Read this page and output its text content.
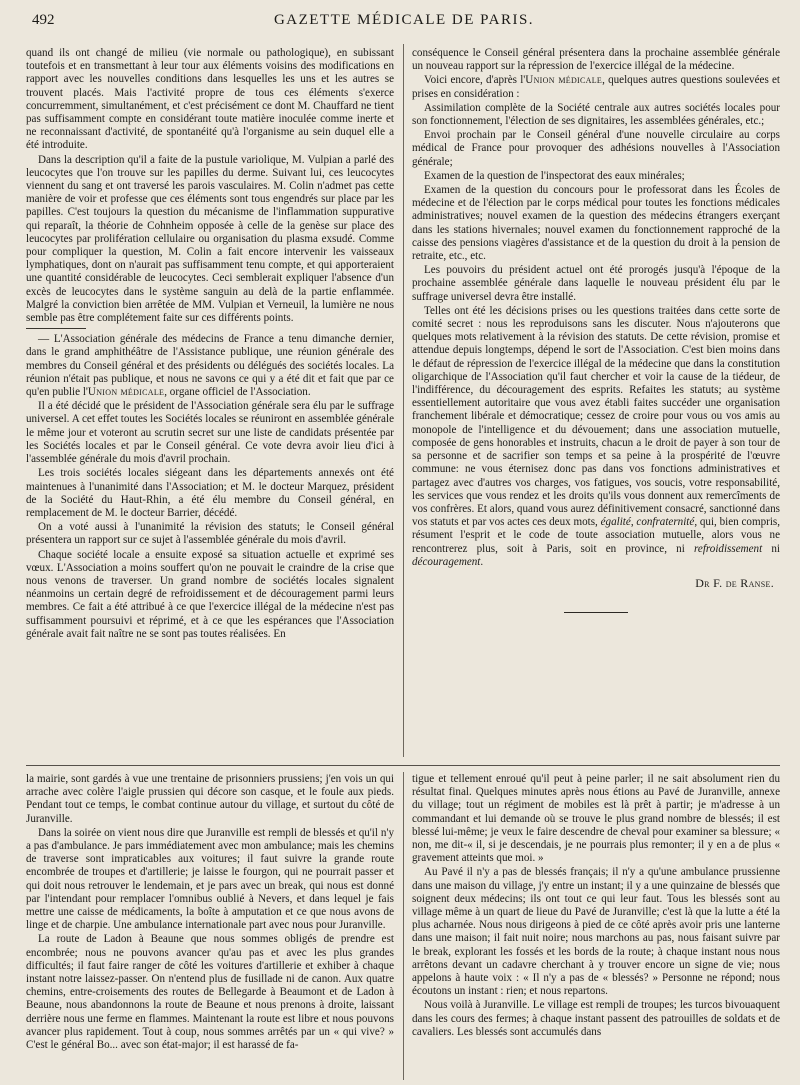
492	GAZETTE MÉDICALE DE PARIS.

quand ils ont changé de milieu (vie normale ou pathologique), en subissant toutefois et en transmettant à leur tour aux éléments voisins des modifications en rapport avec les nouvelles conditions dans lesquelles les uns et les autres se trouvent placés. Mais l'activité propre de tous ces éléments s'exerce concurremment, simultanément, et c'est précisément ce dont M. Chauffard ne tient pas suffisamment compte en considérant toute matière inoculée comme inerte et ne reconnaissant d'activité, de spontanéité qu'à l'organisme au sein duquel elle a été introduite.

Dans la description qu'il a faite de la pustule variolique, M. Vulpian a parlé des leucocytes que l'on trouve sur les papilles du derme. Suivant lui, ces leucocytes viennent du sang et ont traversé les parois vasculaires. M. Colin n'admet pas cette manière de voir et professe que ces éléments sont tous engendrés sur place par les papilles. C'est toujours la question du mécanisme de l'inflammation suppurative qui reparaît, la théorie de Cohnheim opposée à celle de la genèse sur place des leucocytes par prolifération cellulaire ou organisation du plasma exsudé. Comme pour compliquer la question, M. Colin a fait encore intervenir les vaisseaux lymphatiques, dont on n'aurait pas suffisamment tenu compte, et qui apporteraient une quantité considérable de leucocytes. Ceci semblerait expliquer l'absence d'un excès de leucocytes dans le système sanguin au delà de la partie enflammée. Malgré la conviction bien arrêtée de MM. Vulpian et Verneuil, la lumière ne nous semble pas être complétement faite sur ces différents points.

— L'Association générale des médecins de France a tenu dimanche dernier, dans le grand amphithéâtre de l'Assistance publique, une réunion générale des membres du Conseil général et des présidents ou délégués des sociétés locales. La réunion n'était pas publique, et nous ne savons ce qui y a été dit et fait que par ce qu'en publie l'Union médicale, organe officiel de l'Association.

Il a été décidé que le président de l'Association générale sera élu par le suffrage universel. A cet effet toutes les Sociétés locales se réuniront en assemblée générale le même jour et voteront au scrutin secret sur une liste de candidats présentée par les Sociétés locales et par le Conseil général. Ce vote devra avoir lieu d'ici à l'assemblée générale du mois d'avril prochain.

Les trois sociétés locales siégeant dans les départements annexés ont été maintenues à l'unanimité dans l'Association; et M. le docteur Marquez, président de la Société du Haut-Rhin, a été élu membre du Conseil général, en remplacement de M. le docteur Barrier, décédé.

On a voté aussi à l'unanimité la révision des statuts; le Conseil général présentera un rapport sur ce sujet à l'assemblée générale du mois d'avril.

Chaque société locale a ensuite exposé sa situation actuelle et exprimé ses vœux. L'Association a moins souffert qu'on ne pouvait le craindre de la crise que nous venons de traverser. Un grand nombre de sociétés locales signalent néanmoins un certain degré de refroidissement et de découragement parmi leurs membres. Ce fait a été attribué à ce que l'exercice illégal de la médecine n'est pas suffisamment poursuivi et réprimé, et à ce que les espérances que l'Association générale avait fait naître ne se sont pas toutes réalisées. En

conséquence le Conseil général présentera dans la prochaine assemblée générale un nouveau rapport sur la répression de l'exercice illégal de la médecine.

Voici encore, d'après l'Union médicale, quelques autres questions soulevées et prises en considération :

Assimilation complète de la Société centrale aux autres sociétés locales pour son fonctionnement, l'élection de ses dignitaires, les assemblées générales, etc.;

Envoi prochain par le Conseil général d'une nouvelle circulaire au corps médical de France pour provoquer des adhésions nouvelles à l'Association générale;

Examen de la question de l'inspectorat des eaux minérales;

Examen de la question du concours pour le professorat dans les Écoles de médecine et de l'élection par le corps médical pour toutes les fonctions médicales administratives; nouvel examen de la question des médecins étrangers exerçant dans les stations hivernales; nouvel examen du fonctionnement rapproché de la caisse des pensions viagères d'assistance et de la question du droit à la pension de retraite, etc., etc.

Les pouvoirs du président actuel ont été prorogés jusqu'à l'époque de la prochaine assemblée générale dans laquelle le nouveau président élu par le suffrage universel devra être installé.

Telles ont été les décisions prises ou les questions traitées dans cette sorte de comité secret : nous les reproduisons sans les discuter. Nous n'ajouterons que quelques mots relativement à la révision des statuts. De cette révision, promise et attendue depuis longtemps, dépend le sort de l'Association. C'est bien moins dans le défaut de répression de l'exercice illégal de la médecine que dans la constitution oligarchique de l'Association qu'il faut chercher et voir la cause de la tiédeur, de l'indifférence, du découragement des esprits. Refaites les statuts; au système essentiellement autoritaire que vous avez établi faites succéder une organisation franchement libérale et démocratique; cessez de croire pour vous ou vos amis au monopole de l'intelligence et du dévouement; dans une association mutuelle, composée de gens honorables et instruits, chacun a le droit de payer à son tour de sa personne et de sacrifier son temps et sa peine à la prospérité de l'œuvre commune: ne vous éternisez donc pas dans vos fonctions administratives et partagez avec d'autres vos charges, vos fatigues, vos soucis, votre responsabilité, les services que vous rendez et les droits qu'ils vous donnent aux remercîments de vos confrères. Et alors, quand vous aurez définitivement consacré, sanctionné dans vos statuts et par vos actes ces deux mots, égalité, confraternité, qui, bien compris, résument l'esprit et le code de toute association mutuelle, alors vous ne rencontrerez plus, soit à Paris, soit en province, ni refroidissement ni découragement.

Dr F. de Ranse.

la mairie, sont gardés à vue une trentaine de prisonniers prussiens; j'en vois un qui arrache avec colère l'aigle prussien qui décore son casque, et le foule aux pieds. Pendant tout ce temps, le combat continue autour du village, et surtout du côté de Juranville.

Dans la soirée on vient nous dire que Juranville est rempli de blessés et qu'il n'y a pas d'ambulance. Je pars immédiatement avec mon ambulance; mais les chemins de traverse sont impraticables aux voitures; il faut suivre la grande route encombrée de troupes et d'artillerie; je laisse le fourgon, qui ne pourrait passer et qui doit nous retrouver le lendemain, et je pars avec un break, qui nous est donné par l'intendant pour remplacer l'omnibus oublié à Nevers, et dans lequel je fais mettre une caisse de médicaments, la boîte à amputation et ce que nous avons de linge et de charpie. Une ambulance internationale part avec nous pour Juranville.

La route de Ladon à Beaune que nous sommes obligés de prendre est encombrée; nous ne pouvons avancer qu'au pas et avec les plus grandes difficultés; il faut faire ranger de côté les voitures d'artillerie et exhiber à chaque instant notre laissez-passer. On n'entend plus de fusillade ni de canon. Aux quatre chemins, entre-croisements des routes de Bellegarde à Beaumont et de Ladon à Beaune, nous abandonnons la route de Beaune et nous prenons à droite, laissant derrière nous une ferme en flammes. Maintenant la route est libre et nous pouvons avancer plus rapidement. Tout à coup, nous sommes arrêtés par un « qui vive? » C'est le général Bo... avec son état-major; il est harassé de fa-

tigue et tellement enroué qu'il peut à peine parler; il ne sait absolument rien du résultat final. Quelques minutes après nous étions au Pavé de Juranville, annexe du village; tout un régiment de mobiles est là prêt à partir; je m'adresse à un commandant et lui demande où se trouve le plus grand nombre de blessés; il est blessé lui-même; je veux le faire descendre de cheval pour examiner sa blessure; « non, me dit-« il, si je descendais, je ne pourrais plus remonter; il y en a de plus « gravement atteints que moi. »

Au Pavé il n'y a pas de blessés français; il n'y a qu'une ambulance prussienne dans une maison du village, j'y entre un instant; il y a une quinzaine de blessés que soignent deux médecins; ils ont tout ce qui leur faut. Tous les blessés sont au village même à un quart de lieue du Pavé de Juranville; c'est là que la lutte a été la plus acharnée. Nous nous dirigeons à pied de ce côté après avoir pris une lanterne dans une maison; il fait nuit noire; nous marchons au pas, nous faisant suivre par le break, explorant les fossés et les bords de la route; à chaque instant nous nous arrêtons devant un cadavre cherchant à y trouver encore un signe de vie; nous appelons à haute voix : « Il n'y a pas de « blessés? » Personne ne répond; nous écoutons un instant : rien; et nous repartons.

Nous voilà à Juranville. Le village est rempli de troupes; les turcos bivouaquent dans les cours des fermes; à chaque instant passent des patrouilles de soldats et de cavaliers. Les blessés sont accumulés dans
